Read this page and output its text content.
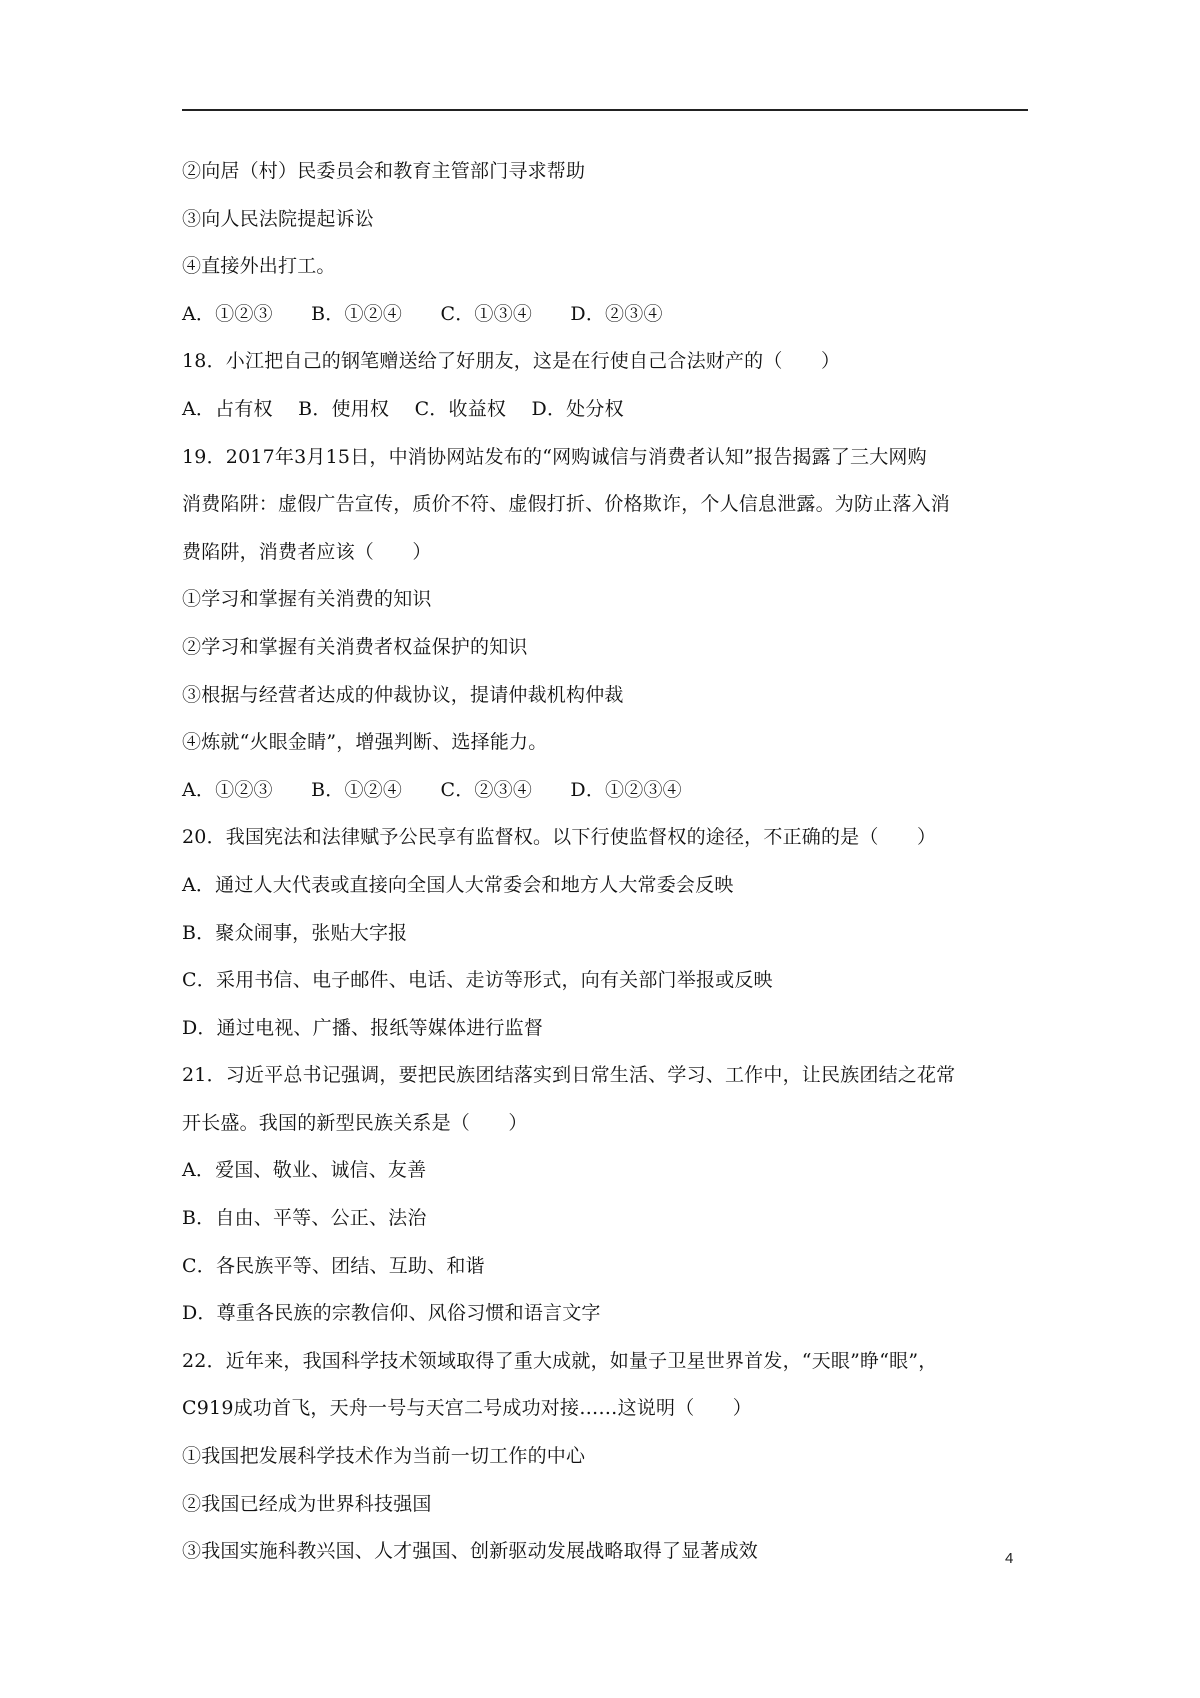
②向居（村）民委员会和教育主管部门寻求帮助
③向人民法院提起诉讼
④直接外出打工。
A．①②③　　B．①②④　　C．①③④　　D．②③④
18．小江把自己的钢笔赠送给了好朋友，这是在行使自己合法财产的（　　）
A．占有权　 B．使用权　 C．收益权　 D．处分权
19．2017年3月15日，中消协网站发布的“网购诚信与消费者认知”报告揭露了三大网购
消费陷阱：虚假广告宣传，质价不符、虚假打折、价格欺诈，个人信息泄露。为防止落入消
费陷阱，消费者应该（　　）
①学习和掌握有关消费的知识
②学习和掌握有关消费者权益保护的知识
③根据与经营者达成的仲裁协议，提请仲裁机构仲裁
④炼就“火眼金睛”，增强判断、选择能力。
A．①②③　　B．①②④　　C．②③④　　D．①②③④
20．我国宪法和法律赋予公民享有监督权。以下行使监督权的途径，不正确的是（　　）
A．通过人大代表或直接向全国人大常委会和地方人大常委会反映
B．聚众闹事，张贴大字报
C．采用书信、电子邮件、电话、走访等形式，向有关部门举报或反映
D．通过电视、广播、报纸等媒体进行监督
21．习近平总书记强调，要把民族团结落实到日常生活、学习、工作中，让民族团结之花常
开长盛。我国的新型民族关系是（　　）
A．爱国、敬业、诚信、友善
B．自由、平等、公正、法治
C．各民族平等、团结、互助、和谐
D．尊重各民族的宗教信仰、风俗习惯和语言文字
22．近年来，我国科学技术领域取得了重大成就，如量子卫星世界首发，“天眼”睁“眼”，
C919成功首飞，天舟一号与天宫二号成功对接……这说明（　　）
①我国把发展科学技术作为当前一切工作的中心
②我国已经成为世界科技强国
③我国实施科教兴国、人才强国、创新驱动发展战略取得了显著成效	4
